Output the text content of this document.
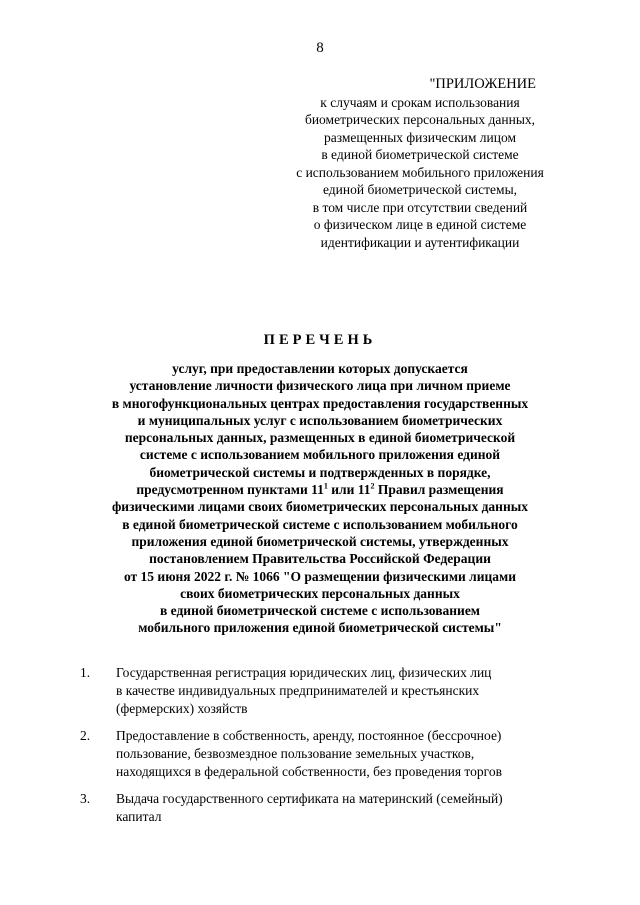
8
"ПРИЛОЖЕНИЕ
к случаям и срокам использования
биометрических персональных данных,
размещенных физическим лицом
в единой биометрической системе
с использованием мобильного приложения
единой биометрической системы,
в том числе при отсутствии сведений
о физическом лице в единой системе
идентификации и аутентификации
ПЕРЕЧЕНЬ
услуг, при предоставлении которых допускается
установление личности физического лица при личном приеме
в многофункциональных центрах предоставления государственных
и муниципальных услуг с использованием биометрических
персональных данных, размещенных в единой биометрической
системе с использованием мобильного приложения единой
биометрической системы и подтвержденных в порядке,
предусмотренном пунктами $11^1$ или $11^2$ Правил размещения
физическими лицами своих биометрических персональных данных
в единой биометрической системе с использованием мобильного
приложения единой биометрической системы, утвержденных
постановлением Правительства Российской Федерации
от 15 июня 2022 г. № 1066 "О размещении физическими лицами
своих биометрических персональных данных
в единой биометрической системе с использованием
мобильного приложения единой биометрической системы"
1.	Государственная регистрация юридических лиц, физических лиц
в качестве индивидуальных предпринимателей и крестьянских
(фермерских) хозяйств
2.	Предоставление в собственность, аренду, постоянное (бессрочное)
пользование, безвозмездное пользование земельных участков,
находящихся в федеральной собственности, без проведения торгов
3.	Выдача государственного сертификата на материнский (семейный)
капитал
